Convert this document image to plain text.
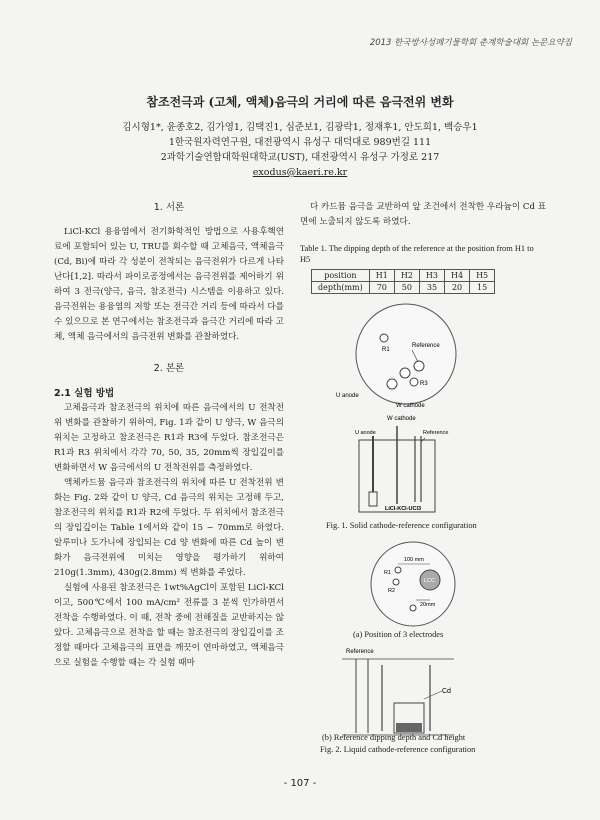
2013 한국방사성폐기물학회 춘계학술대회 논문요약집
참조전극과 (고체, 액체)음극의 거리에 따른 음극전위 변화
김시형1*, 윤종호2, 김가영1, 김택진1, 심준보1, 김광락1, 정재후1, 안도희1, 백승우1
1한국원자력연구원, 대전광역시 유성구 대덕대로 989번길 111
2과학기술연합대학원대학교(UST), 대전광역시 유성구 가정로 217
exodus@kaeri.re.kr
1. 서론

LiCl-KCl 용융염에서 전기화학적인 방법으로 사용후핵연료에 포함되어 있는 U, TRU를 회수할 때 고체음극, 액체음극(Cd, Bi)에 따라 각 성분이 전착되는 음극전위가 다르게 나타난다[1,2]. 따라서 파이로공정에서는 음극전위를 제어하기 위하여 3 전극(양극, 음극, 참조전극) 시스템을 이용하고 있다. 음극전위는 용융염의 저항 또는 전극간 거리 등에 따라서 다를 수 있으므로 본 연구에서는 참조전극과 음극간 거리에 따라 고체, 액체 음극에서의 음극전위 변화를 관찰하였다.

2. 본론
2.1 실험 방법

고체음극과 참조전극의 위치에 따른 음극에서의 U 전착전위 변화를 관찰하기 위하여, Fig. 1과 같이 U 양극, W 음극의 위치는 고정하고 참조전극은 R1과 R3에 두었다. 참조전극은 R1과 R3 위치에서 각각 70, 50, 35, 20mm씩 장입깊이를 변화하면서 W 음극에서의 U 전착전위를 측정하였다.

액체카드뮴 음극과 참조전극의 위치에 따른 U 전착전위 변화는 Fig. 2와 같이 U 양극, Cd 음극의 위치는 고정해 두고, 참조전극의 위치를 R1과 R2에 두었다. 두 위치에서 참조전극의 장입깊이는 Table 1에서와 같이 15 ~ 70mm로 하였다. 알루미나 도가니에 장입되는 Cd 양 변화에 따른 Cd 높이 변화가 음극전위에 미치는 영향을 평가하기 위하여 210g(1.3mm), 430g(2.8mm) 씩 변화를 주었다.

실험에 사용된 참조전극은 1wt%AgCl이 포함된 LiCl-KCl 이고, 500℃에서 100 mA/cm² 전류를 3 분씩 인가하면서 전착을 수행하였다. 이 때, 전착 중에 전해질을 교반하지는 않았다. 고체음극으로 전착을 할 때는 참조전극의 장입깊이를 조정할 때마다 고체음극의 표면을 깨끗이 연마하였고, 액체음극으로 실험을 수행할 때는 각 실험 때마

다 카드뮴 음극을 교반하여 앞 조건에서 전착한 우라늄이 Cd 표면에 노출되지 않도록 하였다.

Table 1. The dipping depth of the reference at the position from H1 to H5
position	H1	H2	H3	H4	H5
depth(mm)	70	50	35	20	15
R1
Reference
R3
U anode
W cathode
W cathode
U anode	Reference
LiCl-KCl-UCl3
Fig. 1. Solid cathode-reference configuration
100 mm
R1
LCC
R2
20mm
(a) Position of 3 electrodes
Reference
Cd
(b) Reference dipping depth and Cd height
Fig. 2. Liquid cathode-reference configuration
- 107 -
